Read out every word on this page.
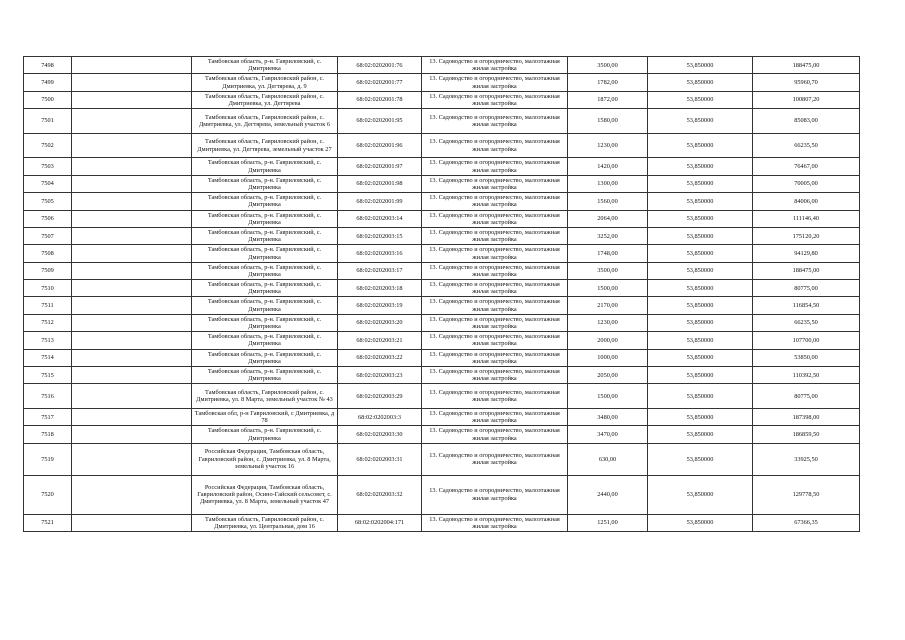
7498		Тамбовская область, р-н. Гавриловский, с. Дмитриевка	68:02:0202001:76	13. Садоводство и огородничество, малоэтажная жилая застройка	3500,00	53,850000	188475,00
7499		Тамбовская область, Гавриловский район, с. Дмитриевка, ул. Дегтярева, д. 9	68:02:0202001:77	13. Садоводство и огородничество, малоэтажная жилая застройка	1782,00	53,850000	95960,70
7500		Тамбовская область, Гавриловский район, с. Дмитриевка, ул. Дегтярева	68:02:0202001:78	13. Садоводство и огородничество, малоэтажная жилая застройка	1872,00	53,850000	100807,20
7501		Тамбовская область, Гавриловский район, с. Дмитриевка, ул. Дегтярева, земельный участок 6	68:02:0202001:95	13. Садоводство и огородничество, малоэтажная жилая застройка	1580,00	53,850000	85083,00
7502		Тамбовская область, Гавриловский район, с. Дмитриевка, ул. Дегтярева, земельный участок 27	68:02:0202001:96	13. Садоводство и огородничество, малоэтажная жилая застройка	1230,00	53,850000	66235,50
7503		Тамбовская область, р-н. Гавриловский, с. Дмитриевка	68:02:0202001:97	13. Садоводство и огородничество, малоэтажная жилая застройка	1420,00	53,850000	76467,00
7504		Тамбовская область, р-н. Гавриловский, с. Дмитриевка	68:02:0202001:98	13. Садоводство и огородничество, малоэтажная жилая застройка	1300,00	53,850000	70005,00
7505		Тамбовская область, р-н. Гавриловский, с. Дмитриевка	68:02:0202001:99	13. Садоводство и огородничество, малоэтажная жилая застройка	1560,00	53,850000	84006,00
7506		Тамбовская область, р-н. Гавриловский, с. Дмитриевка	68:02:0202003:14	13. Садоводство и огородничество, малоэтажная жилая застройка	2064,00	53,850000	111146,40
7507		Тамбовская область, р-н. Гавриловский, с. Дмитриевка	68:02:0202003:15	13. Садоводство и огородничество, малоэтажная жилая застройка	3252,00	53,850000	175120,20
7508		Тамбовская область, р-н. Гавриловский, с. Дмитриевка	68:02:0202003:16	13. Садоводство и огородничество, малоэтажная жилая застройка	1748,00	53,850000	94129,80
7509		Тамбовская область, р-н. Гавриловский, с. Дмитриевка	68:02:0202003:17	13. Садоводство и огородничество, малоэтажная жилая застройка	3500,00	53,850000	188475,00
7510		Тамбовская область, р-н. Гавриловский, с. Дмитриевка	68:02:0202003:18	13. Садоводство и огородничество, малоэтажная жилая застройка	1500,00	53,850000	80775,00
7511		Тамбовская область, р-н. Гавриловский, с. Дмитриевка	68:02:0202003:19	13. Садоводство и огородничество, малоэтажная жилая застройка	2170,00	53,850000	116854,50
7512		Тамбовская область, р-н. Гавриловский, с. Дмитриевка	68:02:0202003:20	13. Садоводство и огородничество, малоэтажная жилая застройка	1230,00	53,850000	66235,50
7513		Тамбовская область, р-н. Гавриловский, с. Дмитриевка	68:02:0202003:21	13. Садоводство и огородничество, малоэтажная жилая застройка	2000,00	53,850000	107700,00
7514		Тамбовская область, р-н. Гавриловский, с. Дмитриевка	68:02:0202003:22	13. Садоводство и огородничество, малоэтажная жилая застройка	1000,00	53,850000	53850,00
7515		Тамбовская область, р-н. Гавриловский, с. Дмитриевка	68:02:0202003:23	13. Садоводство и огородничество, малоэтажная жилая застройка	2050,00	53,850000	110392,50
7516		Тамбовская область, Гавриловский район, с. Дмитриевка, ул. 8 Марта, земельный участок № 43	68:02:0202003:29	13. Садоводство и огородничество, малоэтажная жилая застройка	1500,00	53,850000	80775,00
7517		Тамбовская обл, р-н Гавриловский, с Дмитриевка, д 78	68:02:0202003:3	13. Садоводство и огородничество, малоэтажная жилая застройка	3480,00	53,850000	187398,00
7518		Тамбовская область, р-н. Гавриловский, с. Дмитриевка	68:02:0202003:30	13. Садоводство и огородничество, малоэтажная жилая застройка	3470,00	53,850000	186859,50
7519		Российская Федерация, Тамбовская область, Гавриловский район, с. Дмитриевка, ул. 8 Марта, земельный участок 16	68:02:0202003:31	13. Садоводство и огородничество, малоэтажная жилая застройка	630,00	53,850000	33925,50
7520		Российская Федерация, Тамбовская область, Гавриловский район, Осино-Гайский сельсовет, с. Дмитриевка, ул. 8 Марта, земельный участок 47	68:02:0202003:32	13. Садоводство и огородничество, малоэтажная жилая застройка	2440,00	53,850000	129778,50
7521		Тамбовская область, Гавриловский район, с. Дмитриевка, ул. Центральная, дом 16	68:02:0202004:171	13. Садоводство и огородничество, малоэтажная жилая застройка	1251,00	53,850000	67366,35
